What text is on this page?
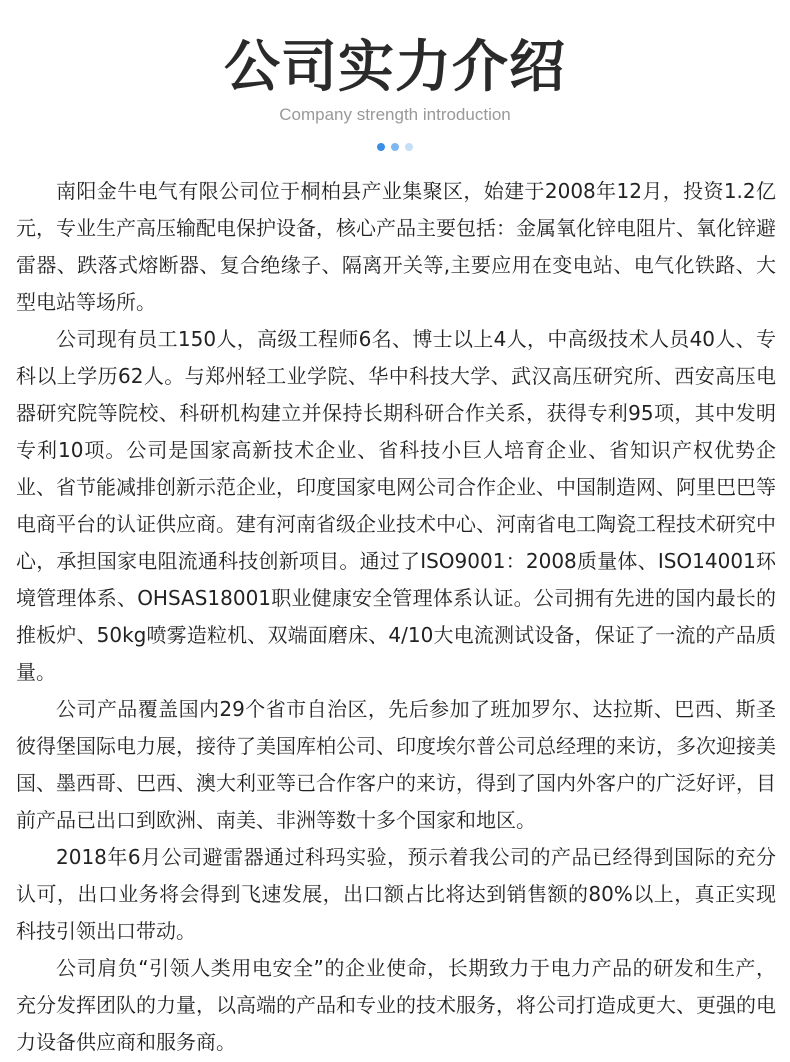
公司实力介绍
Company strength introduction

南阳金牛电气有限公司位于桐柏县产业集聚区，始建于2008年12月，投资1.2亿元，专业生产高压输配电保护设备，核心产品主要包括：金属氧化锌电阻片、氧化锌避雷器、跌落式熔断器、复合绝缘子、隔离开关等,主要应用在变电站、电气化铁路、大型电站等场所。

公司现有员工150人，高级工程师6名、博士以上4人，中高级技术人员40人、专科以上学历62人。与郑州轻工业学院、华中科技大学、武汉高压研究所、西安高压电器研究院等院校、科研机构建立并保持长期科研合作关系，获得专利95项，其中发明专利10项。公司是国家高新技术企业、省科技小巨人培育企业、省知识产权优势企业、省节能减排创新示范企业，印度国家电网公司合作企业、中国制造网、阿里巴巴等电商平台的认证供应商。建有河南省级企业技术中心、河南省电工陶瓷工程技术研究中心，承担国家电阻流通科技创新项目。通过了ISO9001：2008质量体、ISO14001环境管理体系、OHSAS18001职业健康安全管理体系认证。公司拥有先进的国内最长的推板炉、50kg喷雾造粒机、双端面磨床、4/10大电流测试设备，保证了一流的产品质量。

公司产品覆盖国内29个省市自治区，先后参加了班加罗尔、达拉斯、巴西、斯圣彼得堡国际电力展，接待了美国库柏公司、印度埃尔普公司总经理的来访，多次迎接美国、墨西哥、巴西、澳大利亚等已合作客户的来访，得到了国内外客户的广泛好评，目前产品已出口到欧洲、南美、非洲等数十多个国家和地区。

2018年6月公司避雷器通过科玛实验，预示着我公司的产品已经得到国际的充分认可，出口业务将会得到飞速发展，出口额占比将达到销售额的80%以上，真正实现科技引领出口带动。

公司肩负“引领人类用电安全”的企业使命，长期致力于电力产品的研发和生产，充分发挥团队的力量，以高端的产品和专业的技术服务，将公司打造成更大、更强的电力设备供应商和服务商。
